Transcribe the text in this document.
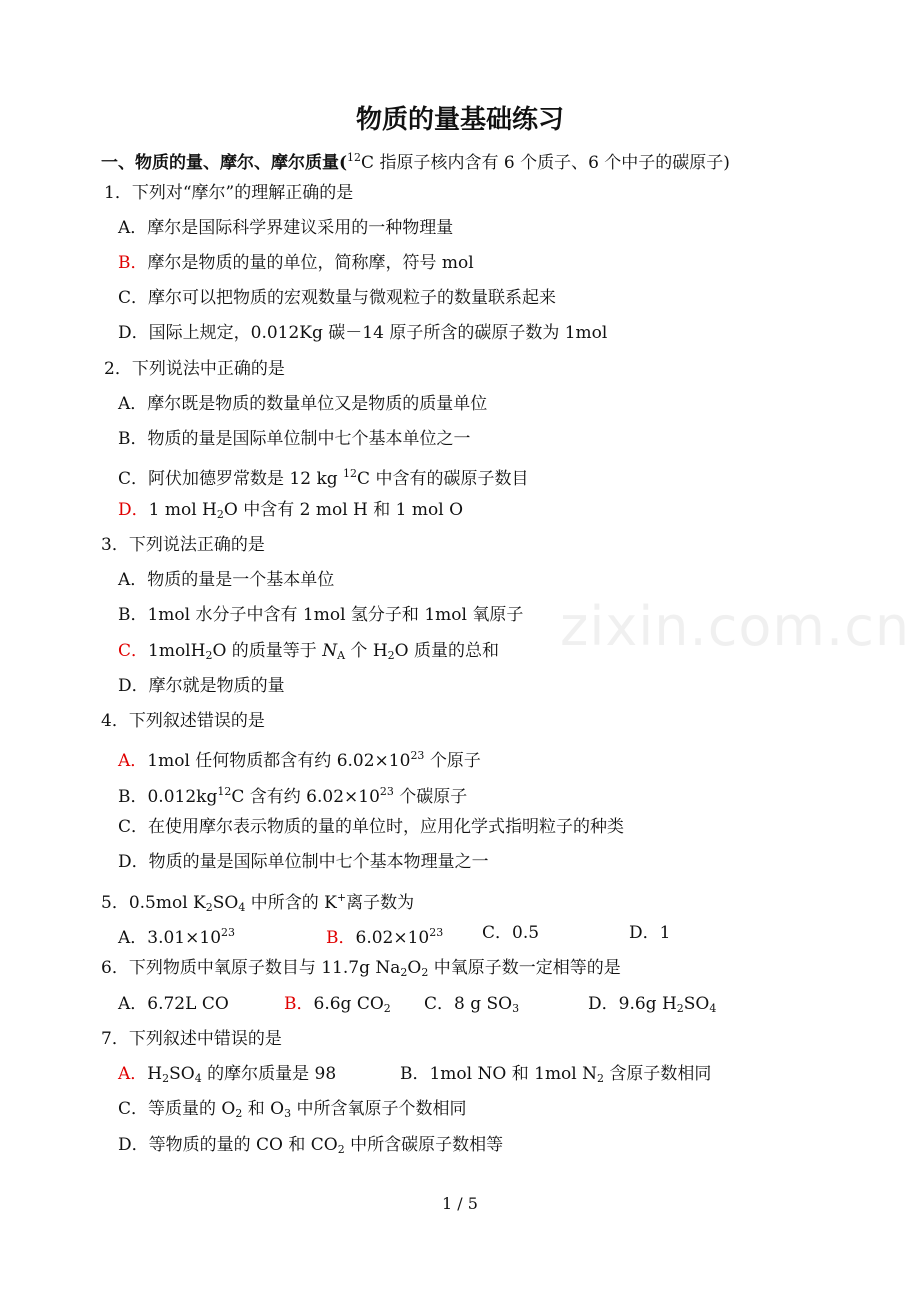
物质的量基础练习
一、物质的量、摩尔、摩尔质量($^{12}$C 指原子核内含有 6 个质子、6 个中子的碳原子)
1．下列对“摩尔”的理解正确的是
A．摩尔是国际科学界建议采用的一种物理量
B．摩尔是物质的量的单位，简称摩，符号 mol
C．摩尔可以把物质的宏观数量与微观粒子的数量联系起来
D．国际上规定，0.012Kg 碳－14 原子所含的碳原子数为 1mol
2．下列说法中正确的是
A．摩尔既是物质的数量单位又是物质的质量单位
B．物质的量是国际单位制中七个基本单位之一
C．阿伏加德罗常数是 12 kg $^{12}$C 中含有的碳原子数目
D．1 mol $H_2O$ 中含有 2 mol H 和 1 mol O
3．下列说法正确的是
A．物质的量是一个基本单位
B．1mol 水分子中含有 1mol 氢分子和 1mol 氧原子
C．1molH$_2$O 的质量等于 $N_A$ 个 $H_2O$ 质量的总和
D．摩尔就是物质的量
4．下列叙述错误的是
A．1mol 任何物质都含有约 $6.02\times 10^{23}$ 个原子
B．$0.012kg^{12}C$ 含有约 $6.02\times 10^{23}$ 个碳原子
C．在使用摩尔表示物质的量的单位时，应用化学式指明粒子的种类
D．物质的量是国际单位制中七个基本物理量之一
5．0.5mol $K_2SO_4$ 中所含的 K+离子数为
A．$3.01\times 10^{23}$	B．$6.02\times 10^{23}$ C．0.5	D．1
6．下列物质中氧原子数目与 11.7g $Na_2O_2$ 中氧原子数一定相等的是
A．6.72L CO	B．6.6g $CO_2$ C．8 g $SO_3$	D．9.6g $H_2SO_4$
7．下列叙述中错误的是
A．$H_2SO_4$ 的摩尔质量是 98	B．1mol NO 和 1mol $N_2$ 含原子数相同
C．等质量的 $O_2$ 和 $O_3$ 中所含氧原子个数相同
D．等物质的量的 CO 和 $CO_2$ 中所含碳原子数相等
zixin.com.cn
1 / 5
